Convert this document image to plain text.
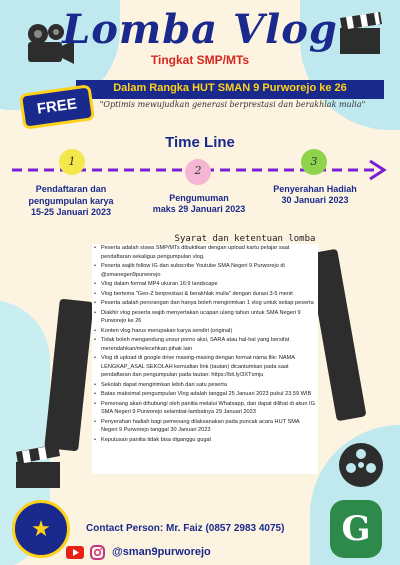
Lomba Vlog
Tingkat SMP/MTs
Dalam Rangka HUT SMAN 9 Purworejo ke 26
FREE	"Optimis mewujudkan generasi berprestasi dan berakhlak mulia"
Time Line
1
2
3
Pendaftaran dan
pengumpulan karya
15-25 Januari 2023
Pengumuman
maks 29 Januari 2023
Penyerahan Hadiah
30 Januari 2023
Syarat dan ketentuan lomba
• Peserta adalah siswa SMP/MTs dibuktikan dengan upload kartu pelajar saat pendaftaran sekaligus pengumpulan vlog.
• Peserta wajib follow IG dan subscribe Youtube SMA Negeri 9 Purworejo di @smanegeri9purworejo
• Vlog dalam format MP4 ukuran 16:9 landscape
• Vlog bertema "Gen-Z berprestasi & berakhlak mulia" dengan durasi 3-5 menit
• Peserta adalah perorangan dan hanya boleh mengirimkan 1 vlog untuk setiap peserta
• Diakhir vlog peserta wajib menyertakan ucapan ulang tahun untuk SMA Negeri 9 Purworejo ke 26
• Konten vlog harus merupakan karya sendiri (original)
• Tidak boleh mengandung unsur porno aksi, SARA atau hal-hal yang bersifat merendahkan/melecehkan pihak lain
• Vlog di upload di google drive masing-masing dengan format nama file: NAMA LENGKAP_ASAL SEKOLAH kemudian link (tautan) dicantumkan pada saat pendaftaran dan pengumpulan pada tautan: https://bit.ly/3XTxmju
• Sekolah dapat mengirimkan lebih dari satu peserta
• Batas maksimal pengumpulan Vlog adalah tanggal 25 Januari 2023 pukul 23.59 WIB
• Pemenang akan dihubungi oleh panitia melalui Whatsapp, dan dapat dilihat di akun IG SMA Negeri 9 Purworejo selambat-lambatnya 29 Januari 2023
• Penyerahan hadiah bagi pemenang dilaksanakan pada puncak acara HUT SMA Negeri 9 Purworejo tanggal 30 Januari 2023
• Keputusan panitia tidak bisa diganggu gugat
★	G
Contact Person: Mr. Faiz (0857 2983 4075)
@sman9purworejo
